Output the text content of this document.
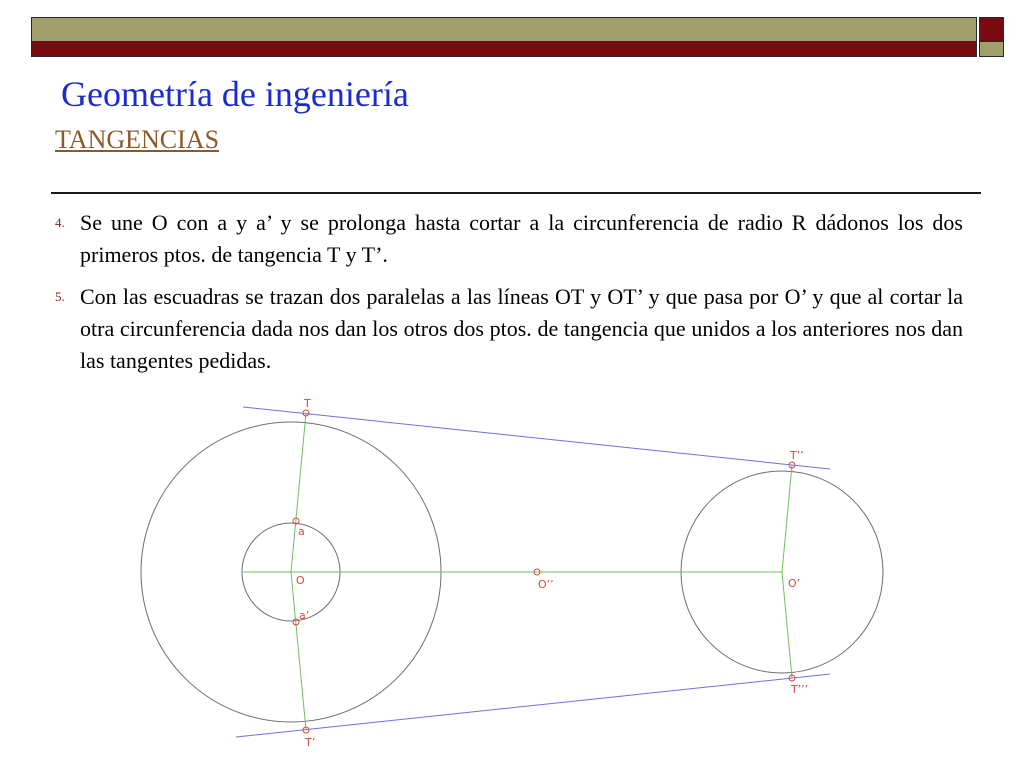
Geometría de ingeniería
TANGENCIAS
4. Se une O con a y a’ y se prolonga hasta cortar a la circunferencia de radio R dádonos los dos primeros ptos. de tangencia T y T’.
5. Con las escuadras se trazan dos paralelas a las líneas OT y OT’ y que pasa por O’ y que al cortar la otra circunferencia dada nos dan los otros dos ptos. de tangencia que unidos a los anteriores nos dan las tangentes pedidas.
T
T’
a
a’
O	O’’	O’
T’’
T’’’
